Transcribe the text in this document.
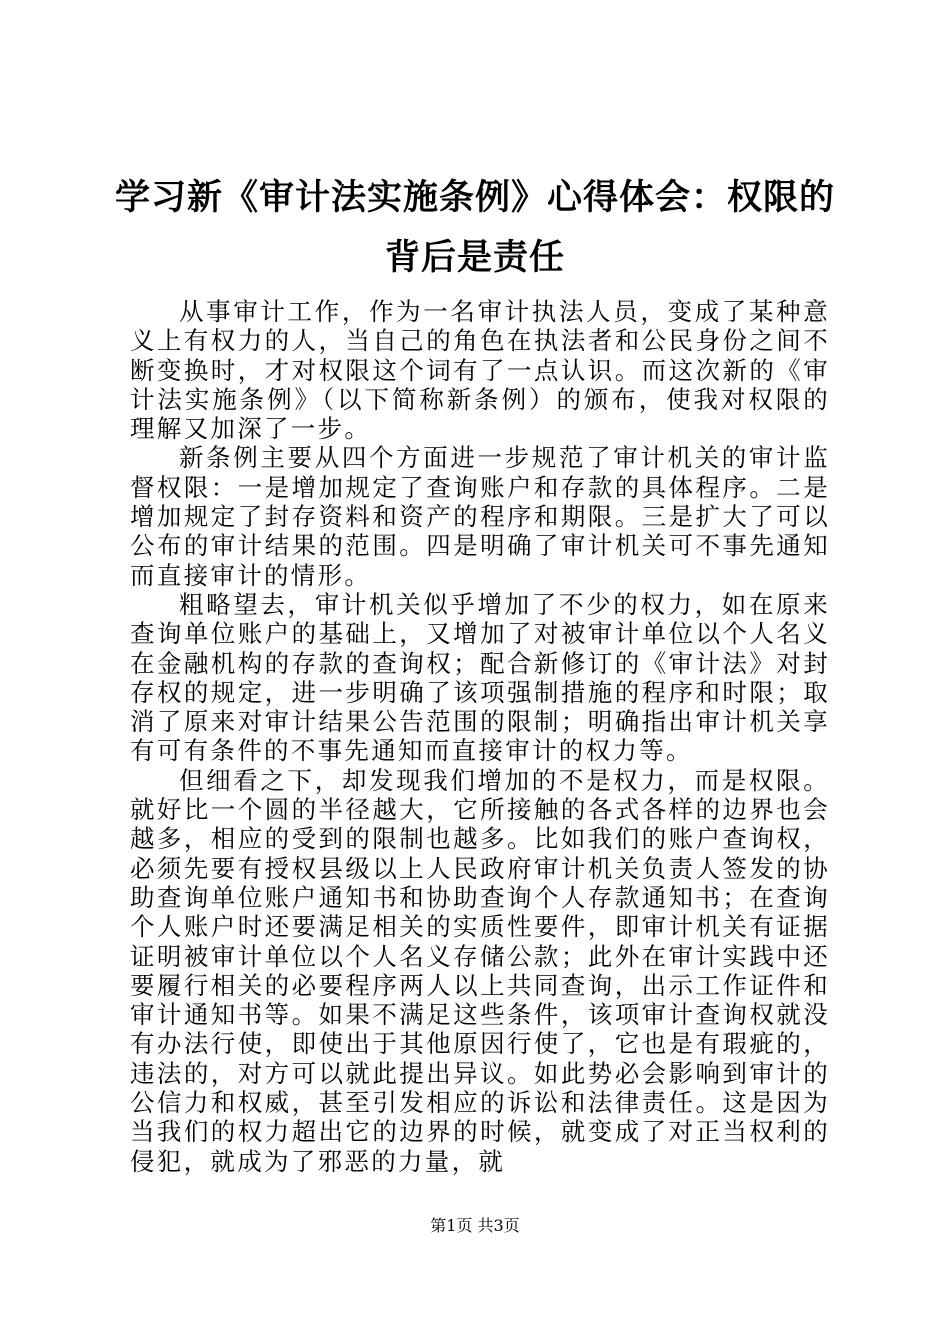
学习新《审计法实施条例》心得体会：权限的背后是责任

从事审计工作，作为一名审计执法人员，变成了某种意义上有权力的人，当自己的角色在执法者和公民身份之间不断变换时，才对权限这个词有了一点认识。而这次新的《审计法实施条例》（以下简称新条例）的颁布，使我对权限的理解又加深了一步。

新条例主要从四个方面进一步规范了审计机关的审计监督权限：一是增加规定了查询账户和存款的具体程序。二是增加规定了封存资料和资产的程序和期限。三是扩大了可以公布的审计结果的范围。四是明确了审计机关可不事先通知而直接审计的情形。

粗略望去，审计机关似乎增加了不少的权力，如在原来查询单位账户的基础上，又增加了对被审计单位以个人名义在金融机构的存款的查询权；配合新修订的《审计法》对封存权的规定，进一步明确了该项强制措施的程序和时限；取消了原来对审计结果公告范围的限制；明确指出审计机关享有可有条件的不事先通知而直接审计的权力等。

但细看之下，却发现我们增加的不是权力，而是权限。就好比一个圆的半径越大，它所接触的各式各样的边界也会越多，相应的受到的限制也越多。比如我们的账户查询权，必须先要有授权县级以上人民政府审计机关负责人签发的协助查询单位账户通知书和协助查询个人存款通知书；在查询个人账户时还要满足相关的实质性要件，即审计机关有证据证明被审计单位以个人名义存储公款；此外在审计实践中还要履行相关的必要程序两人以上共同查询，出示工作证件和审计通知书等。如果不满足这些条件，该项审计查询权就没有办法行使，即使出于其他原因行使了，它也是有瑕疵的，违法的，对方可以就此提出异议。如此势必会影响到审计的公信力和权威，甚至引发相应的诉讼和法律责任。这是因为当我们的权力超出它的边界的时候，就变成了对正当权利的侵犯，就成为了邪恶的力量，就

第1页 共3页
